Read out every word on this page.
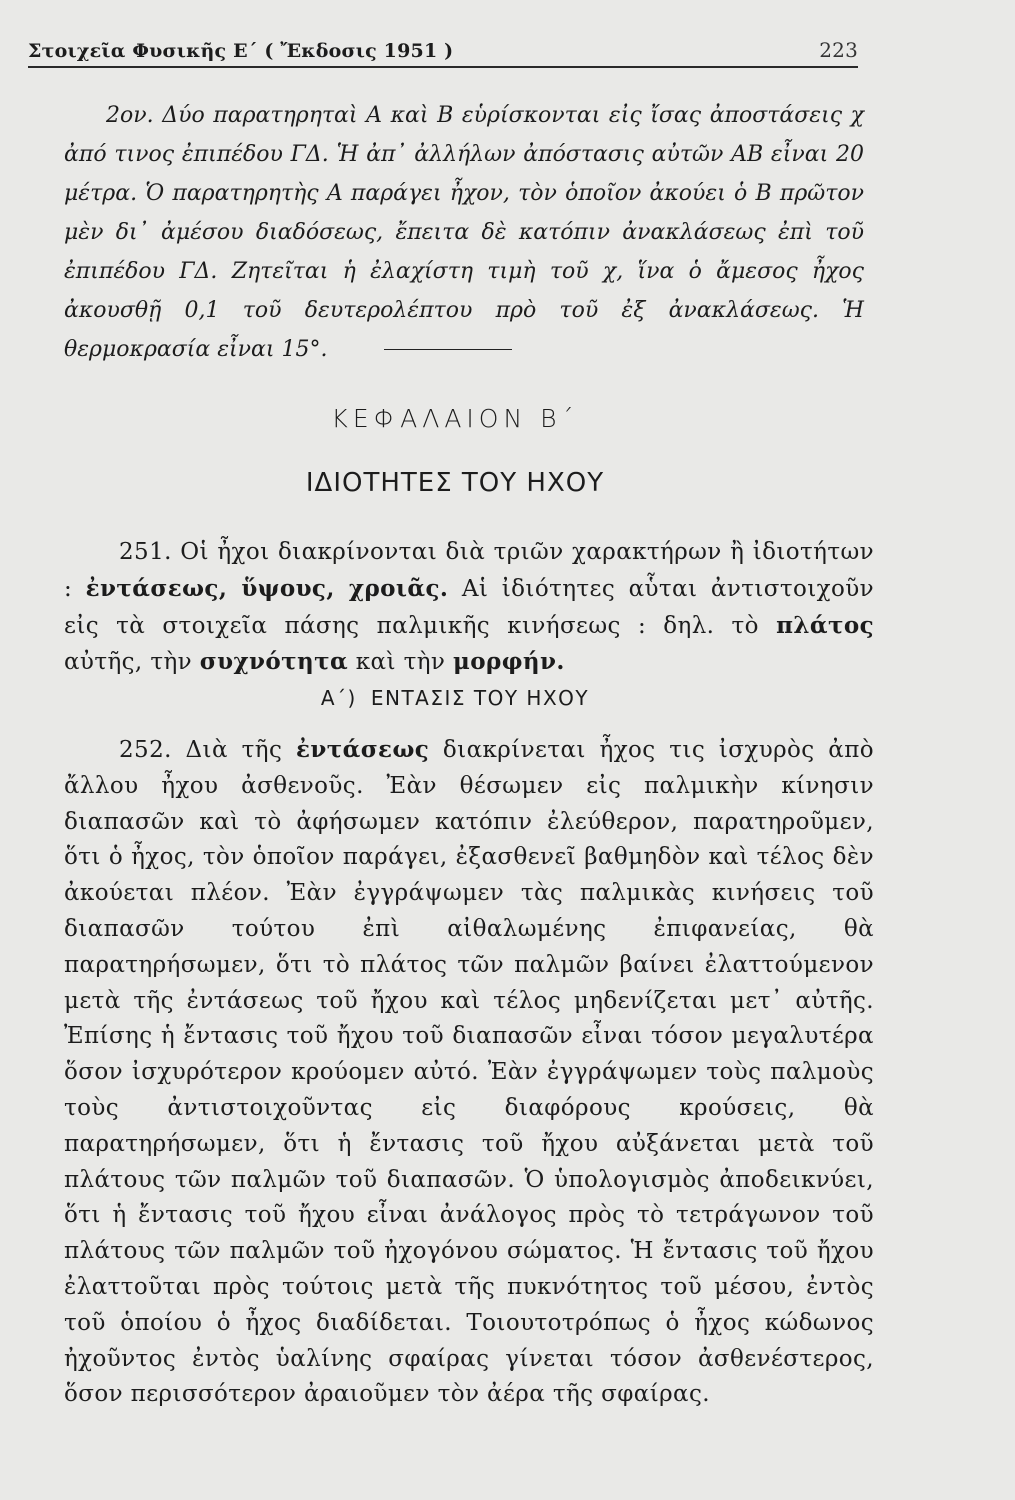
Στοιχεῖα Φυσικῆς Ε΄ ( Ἔκδοσις 1951 )	223

2ον. Δύο παρατηρηταὶ Α καὶ Β εὑρίσκονται εἰς ἴσας ἀποστάσεις χ ἀπό τινος ἐπιπέδου ΓΔ. Ἡ ἀπ᾽ ἀλλήλων ἀπόστασις αὐτῶν ΑΒ εἶναι 20 μέτρα. Ὁ παρατηρητὴς Α παράγει ἦχον, τὸν ὁποῖον ἀκούει ὁ Β πρῶτον μὲν δι᾽ ἀμέσου διαδόσεως, ἔπειτα δὲ κατόπιν ἀνακλάσεως ἐπὶ τοῦ ἐπιπέδου ΓΔ. Ζητεῖται ἡ ἐλαχίστη τιμὴ τοῦ χ, ἵνα ὁ ἄμεσος ἦχος ἀκουσθῇ 0,1 τοῦ δευτερολέπτου πρὸ τοῦ ἐξ ἀνακλάσεως. Ἡ θερμοκρασία εἶναι 15°.

ΚΕΦΑΛΑΙΟΝ Β΄
ΙΔΙΟΤΗΤΕΣ ΤΟΥ ΗΧΟΥ

251. Οἱ ἦχοι διακρίνονται διὰ τριῶν χαρακτήρων ἢ ἰδιοτήτων : ἐντάσεως, ὕψους, χροιᾶς. Αἱ ἰδιότητες αὗται ἀντιστοιχοῦν εἰς τὰ στοιχεῖα πάσης παλμικῆς κινήσεως : δηλ. τὸ πλάτος αὐτῆς, τὴν συχνότητα καὶ τὴν μορφήν.

Α΄) ΕΝΤΑΣΙΣ ΤΟΥ ΗΧΟΥ

252. Διὰ τῆς ἐντάσεως διακρίνεται ἦχος τις ἰσχυρὸς ἀπὸ ἄλλου ἦχου ἀσθενοῦς. Ἐὰν θέσωμεν εἰς παλμικὴν κίνησιν διαπασῶν καὶ τὸ ἀφήσωμεν κατόπιν ἐλεύθερον, παρατηροῦμεν, ὅτι ὁ ἦχος, τὸν ὁποῖον παράγει, ἐξασθενεῖ βαθμηδὸν καὶ τέλος δὲν ἀκούεται πλέον. Ἐὰν ἐγγράψωμεν τὰς παλμικὰς κινήσεις τοῦ διαπασῶν τούτου ἐπὶ αἰθαλωμένης ἐπιφανείας, θὰ παρατηρήσωμεν, ὅτι τὸ πλάτος τῶν παλμῶν βαίνει ἐλαττούμενον μετὰ τῆς ἐντάσεως τοῦ ἤχου καὶ τέλος μηδενίζεται μετ᾽ αὐτῆς. Ἐπίσης ἡ ἔντασις τοῦ ἤχου τοῦ διαπασῶν εἶναι τόσον μεγαλυτέρα ὅσον ἰσχυρότερον κρούομεν αὐτό. Ἐὰν ἐγγράψωμεν τοὺς παλμοὺς τοὺς ἀντιστοιχοῦντας εἰς διαφόρους κρούσεις, θὰ παρατηρήσωμεν, ὅτι ἡ ἔντασις τοῦ ἤχου αὐξάνεται μετὰ τοῦ πλάτους τῶν παλμῶν τοῦ διαπασῶν. Ὁ ὑπολογισμὸς ἀποδεικνύει, ὅτι ἡ ἔντασις τοῦ ἤχου εἶναι ἀνάλογος πρὸς τὸ τετράγωνον τοῦ πλάτους τῶν παλμῶν τοῦ ἠχογόνου σώματος. Ἡ ἔντασις τοῦ ἤχου ἐλαττοῦται πρὸς τούτοις μετὰ τῆς πυκνότητος τοῦ μέσου, ἐντὸς τοῦ ὁποίου ὁ ἦχος διαδίδεται. Τοιουτοτρόπως ὁ ἦχος κώδωνος ἠχοῦντος ἐντὸς ὑαλίνης σφαίρας γίνεται τόσον ἀσθενέστερος, ὅσον περισσότερον ἀραιοῦμεν τὸν ἀέρα τῆς σφαίρας.
